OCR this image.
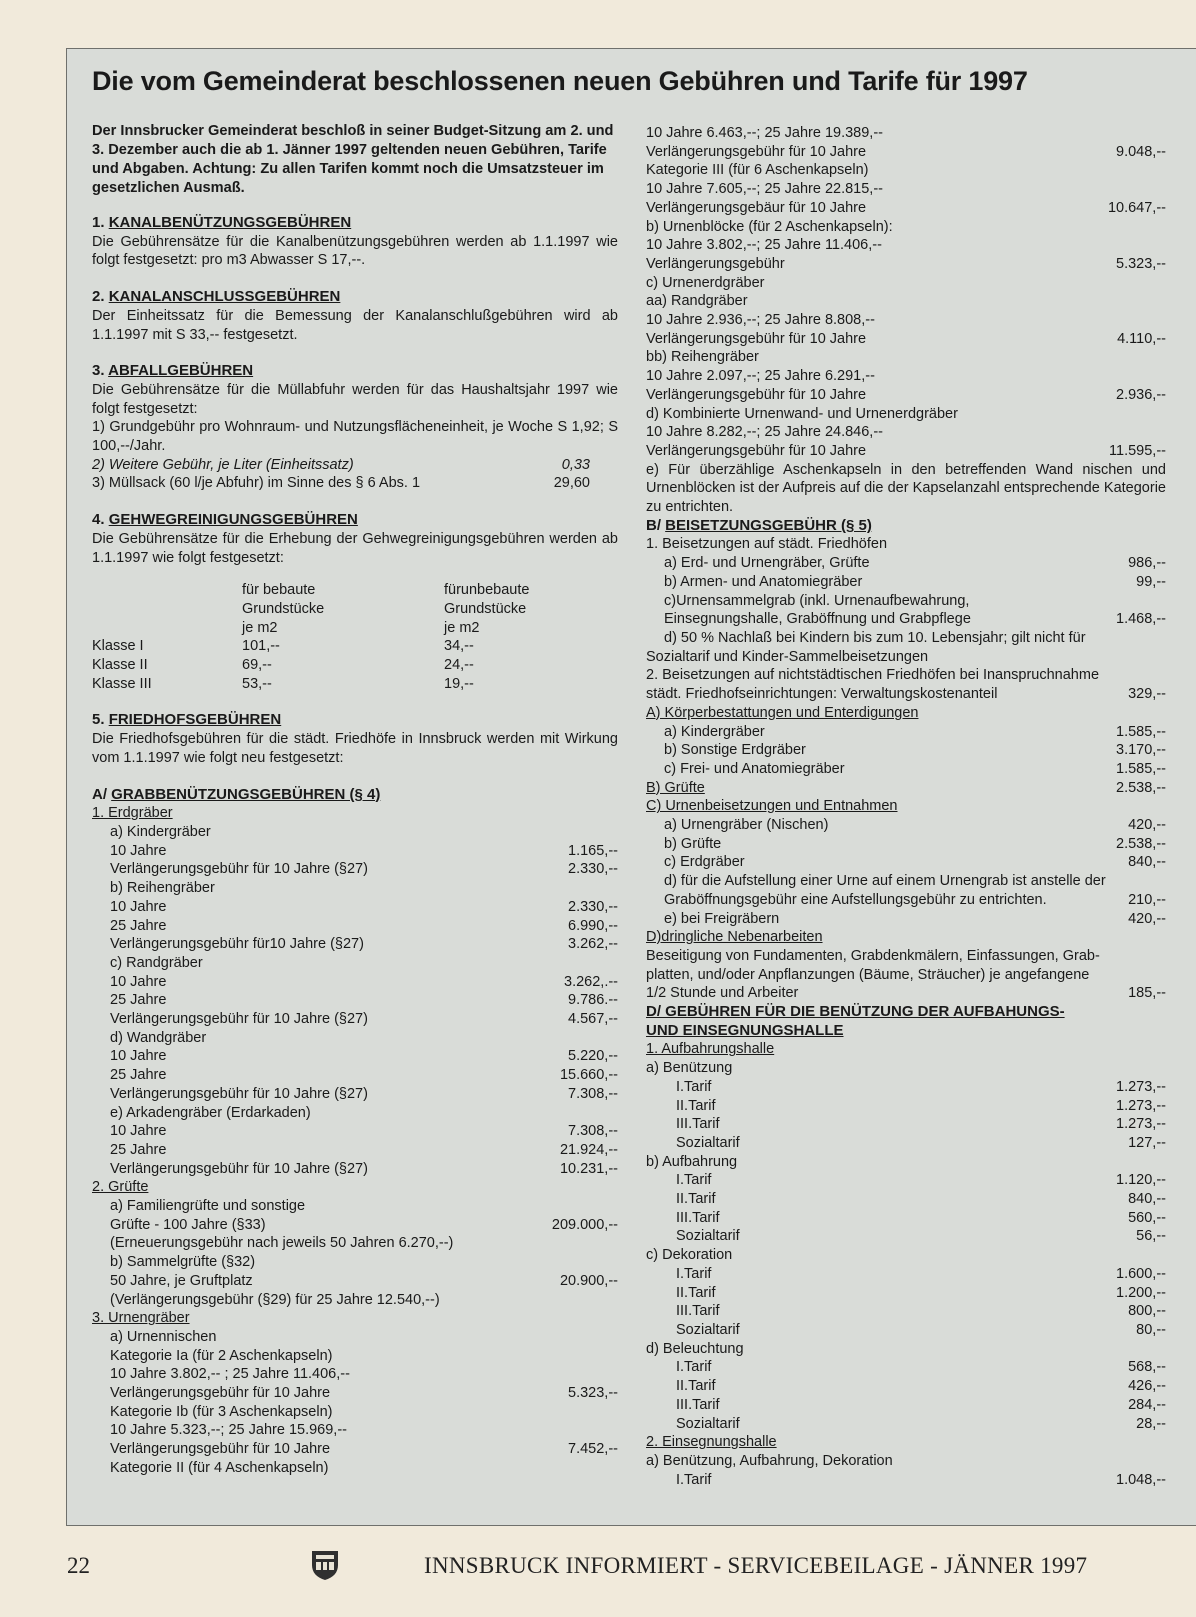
Die vom Gemeinderat beschlossenen neuen Gebühren und Tarife für 1997
Der Innsbrucker Gemeinderat beschloß in seiner Budget-Sitzung am 2. und 3. Dezember auch die ab 1. Jänner 1997 geltenden neuen Gebühren, Tarife und Abgaben. Achtung: Zu allen Tarifen kommt noch die Umsatzsteuer im gesetzlichen Ausmaß.
1. KANALBENÜTZUNGSGEBÜHREN
Die Gebührensätze für die Kanalbenützungsgebühren werden ab 1.1.1997 wie folgt festgesetzt: pro m3 Abwasser S 17,--.
2. KANALANSCHLUSSGEBÜHREN
Der Einheitssatz für die Bemessung der Kanalanschlußgebühren wird ab 1.1.1997 mit S 33,-- festgesetzt.
3. ABFALLGEBÜHREN
Die Gebührensätze für die Müllabfuhr werden für das Haushaltsjahr 1997 wie folgt festgesetzt:
1) Grundgebühr pro Wohnraum- und Nutzungsflächeneinheit, je Woche S 1,92; S 100,--/Jahr.
2) Weitere Gebühr, je Liter (Einheitssatz)	0,33
3) Müllsack (60 l/je Abfuhr) im Sinne des § 6 Abs. 1	29,60
4. GEHWEGREINIGUNGSGEBÜHREN
Die Gebührensätze für die Erhebung der Gehwegreinigungsgebühren werden ab 1.1.1997 wie folgt festgesetzt:
für bebaute	fürunbebaute
Grundstücke	Grundstücke
je m2	je m2
Klasse I	101,--	34,--
Klasse II	69,--	24,--
Klasse III	53,--	19,--
5. FRIEDHOFSGEBÜHREN
Die Friedhofsgebühren für die städt. Friedhöfe in Innsbruck werden mit Wirkung vom 1.1.1997 wie folgt neu festgesetzt:
A/ GRABBENÜTZUNGSGEBÜHREN (§ 4)
1. Erdgräber
a) Kindergräber
10 Jahre	1.165,--
Verlängerungsgebühr für 10 Jahre (§27)	2.330,--
b) Reihengräber
10 Jahre	2.330,--
25 Jahre	6.990,--
Verlängerungsgebühr für10 Jahre (§27)	3.262,--
c) Randgräber
10 Jahre	3.262,.--
25 Jahre	9.786.--
Verlängerungsgebühr für 10 Jahre (§27)	4.567,--
d) Wandgräber
10 Jahre	5.220,--
25 Jahre	15.660,--
Verlängerungsgebühr für 10 Jahre (§27)	7.308,--
e) Arkadengräber (Erdarkaden)
10 Jahre	7.308,--
25 Jahre	21.924,--
Verlängerungsgebühr für 10 Jahre (§27)	10.231,--
2. Grüfte
a) Familiengrüfte und sonstige
Grüfte - 100 Jahre (§33)	209.000,--
(Erneuerungsgebühr nach jeweils 50 Jahren 6.270,--)
b) Sammelgrüfte (§32)
50 Jahre, je Gruftplatz	20.900,--
(Verlängerungsgebühr (§29) für 25 Jahre 12.540,--)
3. Urnengräber
a) Urnennischen
Kategorie Ia (für 2 Aschenkapseln)
10 Jahre 3.802,-- ; 25 Jahre 11.406,--
Verlängerungsgebühr für 10 Jahre	5.323,--
Kategorie Ib (für 3 Aschenkapseln)
10 Jahre 5.323,--; 25 Jahre 15.969,--
Verlängerungsgebühr für 10 Jahre	7.452,--
Kategorie II (für 4 Aschenkapseln)
10 Jahre 6.463,--; 25 Jahre 19.389,--
Verlängerungsgebühr für 10 Jahre	9.048,--
Kategorie III (für 6 Aschenkapseln)
10 Jahre 7.605,--; 25 Jahre 22.815,--
Verlängerungsgebäur für 10 Jahre	10.647,--
b) Urnenblöcke (für 2 Aschenkapseln):
10 Jahre 3.802,--; 25 Jahre 11.406,--
Verlängerungsgebühr	5.323,--
c) Urnenerdgräber
aa) Randgräber
10 Jahre 2.936,--; 25 Jahre 8.808,--
Verlängerungsgebühr für 10 Jahre	4.110,--
bb) Reihengräber
10 Jahre 2.097,--; 25 Jahre 6.291,--
Verlängerungsgebühr für 10 Jahre	2.936,--
d) Kombinierte Urnenwand- und Urnenerdgräber
10 Jahre 8.282,--; 25 Jahre 24.846,--
Verlängerungsgebühr für 10 Jahre	11.595,--
e) Für überzählige Aschenkapseln in den betreffenden Wand nischen und Urnenblöcken ist der Aufpreis auf die der Kapselanzahl entsprechende Kategorie zu entrichten.
B/ BEISETZUNGSGEBÜHR (§ 5)
1. Beisetzungen auf städt. Friedhöfen
a) Erd- und Urnengräber, Grüfte	986,--
b) Armen- und Anatomiegräber	99,--
c)Urnensammelgrab (inkl. Urnenaufbewahrung,
Einsegnungshalle, Graböffnung und Grabpflege	1.468,--
d) 50 % Nachlaß bei Kindern bis zum 10. Lebensjahr; gilt nicht für
Sozialtarif und Kinder-Sammelbeisetzungen
2. Beisetzungen auf nichtstädtischen Friedhöfen bei Inanspruchnahme
städt. Friedhofseinrichtungen: Verwaltungskostenanteil	329,--
A) Körperbestattungen und Enterdigungen
a) Kindergräber	1.585,--
b) Sonstige Erdgräber	3.170,--
c) Frei- und Anatomiegräber	1.585,--
B) Grüfte	2.538,--
C) Urnenbeisetzungen und Entnahmen
a) Urnengräber (Nischen)	420,--
b) Grüfte	2.538,--
c) Erdgräber	840,--
d) für die Aufstellung einer Urne auf einem Urnengrab ist anstelle der
Graböffnungsgebühr eine Aufstellungsgebühr zu entrichten.	210,--
e) bei Freigräbern	420,--
D)dringliche Nebenarbeiten
Beseitigung von Fundamenten, Grabdenkmälern, Einfassungen, Grab-
platten, und/oder Anpflanzungen (Bäume, Sträucher) je angefangene
1/2 Stunde und Arbeiter	185,--
D/ GEBÜHREN FÜR DIE BENÜTZUNG DER AUFBAHUNGS-
UND EINSEGNUNGSHALLE
1. Aufbahrungshalle
a) Benützung
I.Tarif	1.273,--
II.Tarif	1.273,--
III.Tarif	1.273,--
Sozialtarif	127,--
b) Aufbahrung
I.Tarif	1.120,--
II.Tarif	840,--
III.Tarif	560,--
Sozialtarif	56,--
c) Dekoration
I.Tarif	1.600,--
II.Tarif	1.200,--
III.Tarif	800,--
Sozialtarif	80,--
d) Beleuchtung
I.Tarif	568,--
II.Tarif	426,--
III.Tarif	284,--
Sozialtarif	28,--
2. Einsegnungshalle
a) Benützung, Aufbahrung, Dekoration
I.Tarif	1.048,--
22	INNSBRUCK INFORMIERT - SERVICEBEILAGE - JÄNNER 1997
